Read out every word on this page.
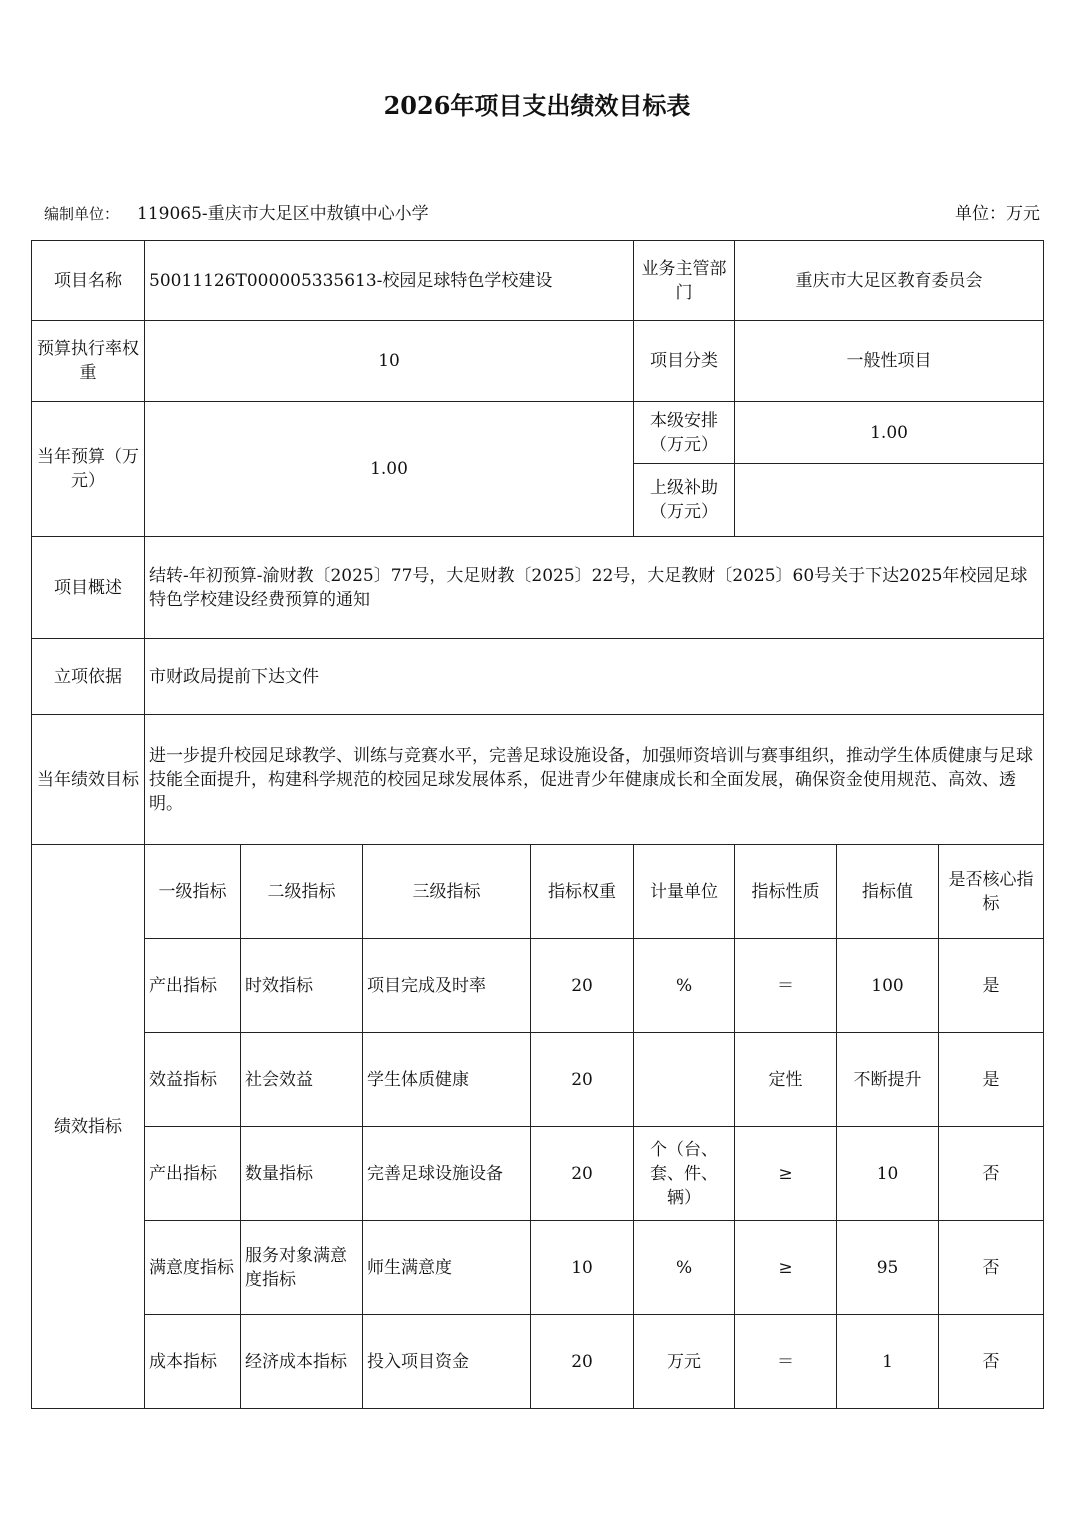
2026年项目支出绩效目标表
编制单位： 119065-重庆市大足区中敖镇中心小学	单位：万元
项目名称	50011126T000005335613-校园足球特色学校建设				业务主管部门	重庆市大足区教育委员会		
预算执行率权重	10				项目分类	一般性项目		
当年预算（万元）	1.00				本级安排（万元）	1.00		
					上级补助（万元）			
项目概述	结转-年初预算-渝财教〔2025〕77号，大足财教〔2025〕22号，大足教财〔2025〕60号关于下达2025年校园足球特色学校建设经费预算的通知							
立项依据	市财政局提前下达文件							
当年绩效目标	进一步提升校园足球教学、训练与竞赛水平，完善足球设施设备，加强师资培训与赛事组织，推动学生体质健康与足球技能全面提升，构建科学规范的校园足球发展体系，促进青少年健康成长和全面发展，确保资金使用规范、高效、透明。							
绩效指标	一级指标	二级指标	三级指标	指标权重	计量单位	指标性质	指标值	是否核心指标
	产出指标	时效指标	项目完成及时率	20	%	＝	100	是
	效益指标	社会效益	学生体质健康	20		定性	不断提升	是
	产出指标	数量指标	完善足球设施设备	20	个（台、套、件、辆）	≥	10	否
	满意度指标	服务对象满意度指标	师生满意度	10	%	≥	95	否
	成本指标	经济成本指标	投入项目资金	20	万元	＝	1	否
